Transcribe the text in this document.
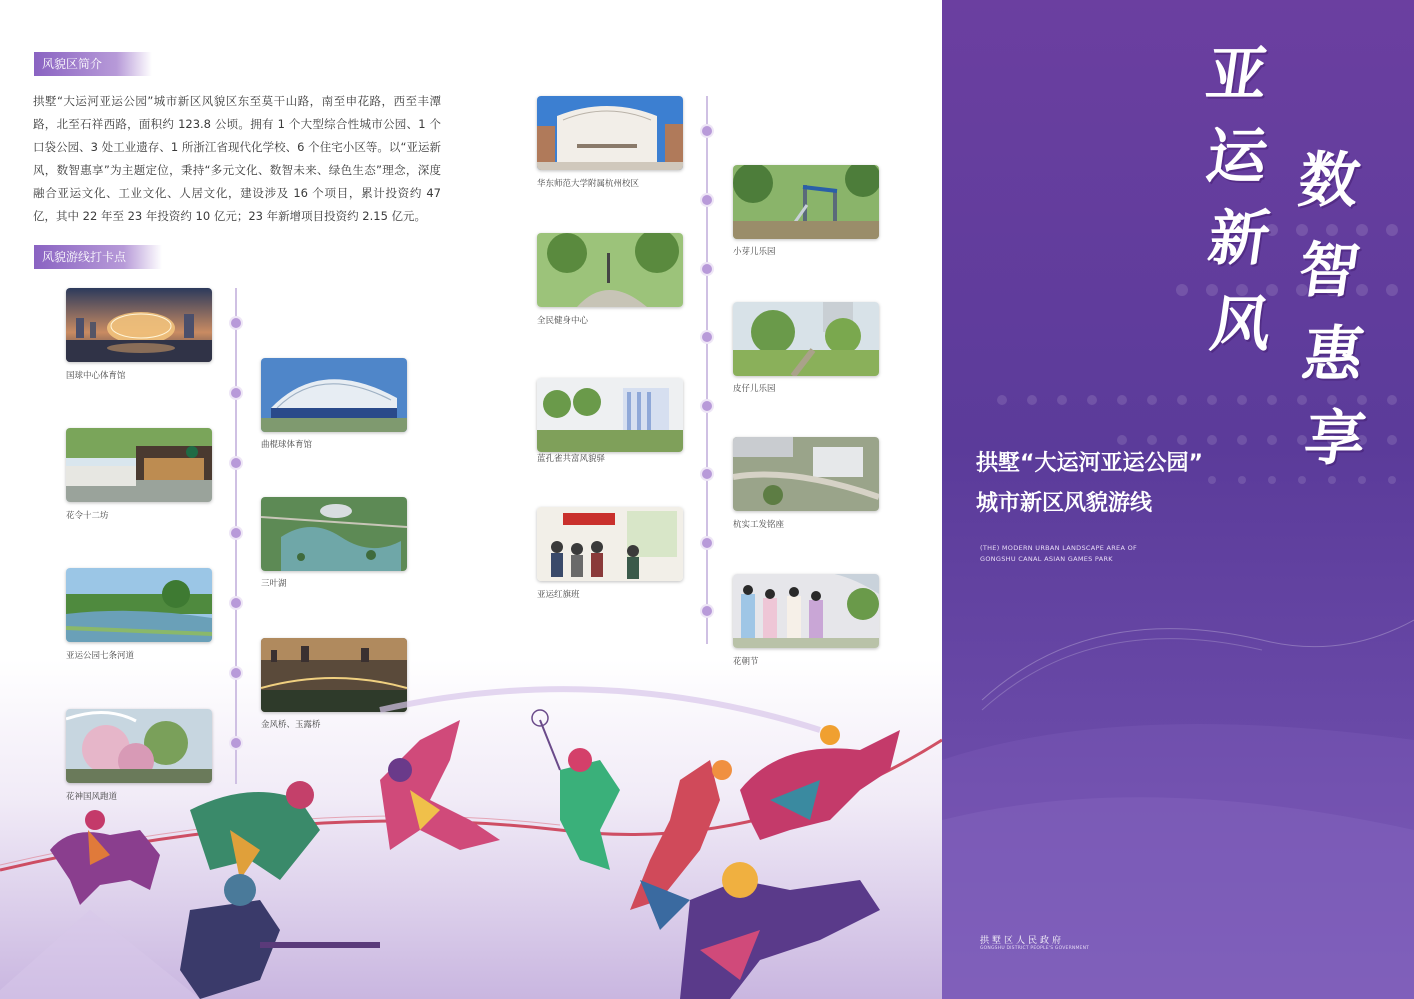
风貌区简介
拱墅“大运河亚运公园”城市新区风貌区东至莫干山路，南至申花路，西至丰潭路，北至石祥西路，面积约 123.8 公顷。拥有 1 个大型综合性城市公园、1 个口袋公园、3 处工业遗存、1 所浙江省现代化学校、6 个住宅小区等。以“亚运新风，数智惠享”为主题定位，秉持“多元文化、数智未来、绿色生态”理念，深度融合亚运文化、工业文化、人居文化，建设涉及 16 个项目，累计投资约 47 亿，其中 22 年至 23 年投资约 10 亿元；23 年新增项目投资约 2.15 亿元。
风貌游线打卡点
国球中心体育馆
曲棍球体育馆
花令十二坊
三叶湖
亚运公园七条河道
金风桥、玉露桥
花神国风跑道
华东师范大学附属杭州校区
小芽儿乐园
全民健身中心
皮仔儿乐园
蓝孔雀共富风貌驿
杭实工发铭座
亚运红旗班
花朝节
亚
运
新
风
数
智
惠
享
拱墅“大运河亚运公园”
城市新区风貌游线
(THE) MODERN URBAN LANDSCAPE AREA OF
GONGSHU CANAL ASIAN GAMES PARK
拱墅区人民政府
GONGSHU DISTRICT PEOPLE'S GOVERNMENT
